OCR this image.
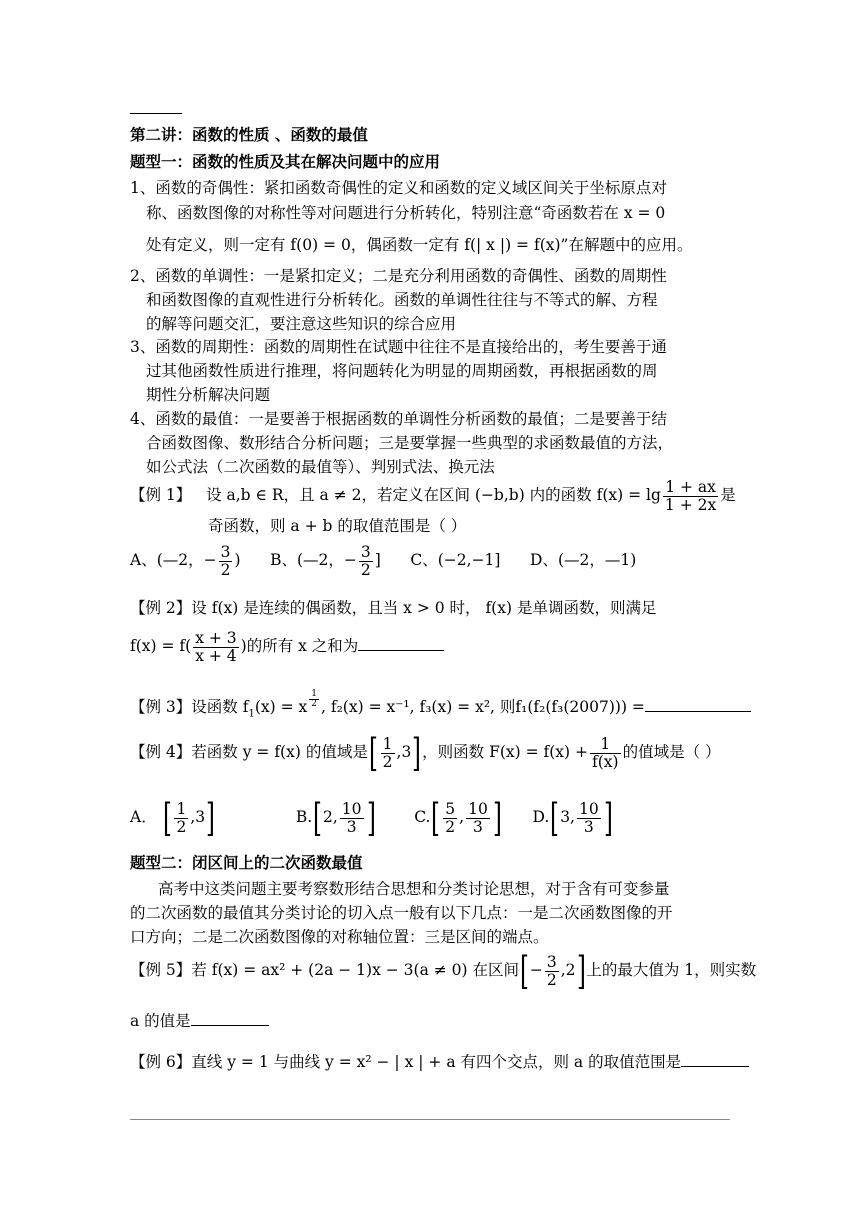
第二讲：函数的性质 、函数的最值
题型一：函数的性质及其在解决问题中的应用
1、函数的奇偶性：紧扣函数奇偶性的定义和函数的定义域区间关于坐标原点对
称、函数图像的对称性等对问题进行分析转化，特别注意“奇函数若在 x = 0
处有定义，则一定有 f(0) = 0，偶函数一定有 f(| x |) = f(x)”在解题中的应用。
2、函数的单调性：一是紧扣定义；二是充分利用函数的奇偶性、函数的周期性
和函数图像的直观性进行分析转化。函数的单调性往往与不等式的解、方程
的解等问题交汇，要注意这些知识的综合应用
3、函数的周期性：函数的周期性在试题中往往不是直接给出的，考生要善于通
过其他函数性质进行推理，将问题转化为明显的周期函数，再根据函数的周
期性分析解决问题
4、函数的最值：一是要善于根据函数的单调性分析函数的最值；二是要善于结
合函数图像、数形结合分析问题；三是要掌握一些典型的求函数最值的方法，
如公式法（二次函数的最值等）、判别式法、换元法
【例 1】 设 a,b ∈ R，且 a ≠ 2，若定义在区间 (−b,b) 内的函数 $f(x) = \lg \frac{1 + ax}{1 + 2x}$ 是
奇函数，则 a + b 的取值范围是（ ）
A、(—2，− $\frac{3}{2}$ ) B、(—2，− $\frac{3}{2}$ ] C、(−2,−1] D、(—2，—1)
【例 2】设 f(x) 是连续的偶函数，且当 x > 0 时， f(x) 是单调函数，则满足
$f(x) = f( \frac{x + 3}{x + 4}$ )的所有 x 之和为
【例 3】设函数 $f_1(x) = x$ $^{\frac{1}{2}}$ , f₂(x) = x⁻¹, f₃(x) = x², 则f₁(f₂(f₃(2007))) =
【例 4】若函数 y = f(x) 的值域是[ $\frac{1}{2} ,3$]，则函数 $F(x) = f(x) + \frac{1}{f(x)}$ 的值域是（ ）
A． [ $\frac{1}{2} ,3$]	B.[2, $\frac{10}{3}$ ]	$C.[ \frac{5}{2}$ , $\frac{10}{3}$ ] D.[3, $\frac{10}{3}$ ]
题型二：闭区间上的二次函数最值
高考中这类问题主要考察数形结合思想和分类讨论思想，对于含有可变参量
的二次函数的最值其分类讨论的切入点一般有以下几点：一是二次函数图像的开
口方向；二是二次函数图像的对称轴位置：三是区间的端点。
【例 5】若 f(x) = ax² + (2a − 1)x − 3(a ≠ 0) 在区间[− $\frac{3}{2} ,2$]上的最大值为 1，则实数
a 的值是
【例 6】直线 y = 1 与曲线 y = x² − | x | + a 有四个交点，则 a 的取值范围是
